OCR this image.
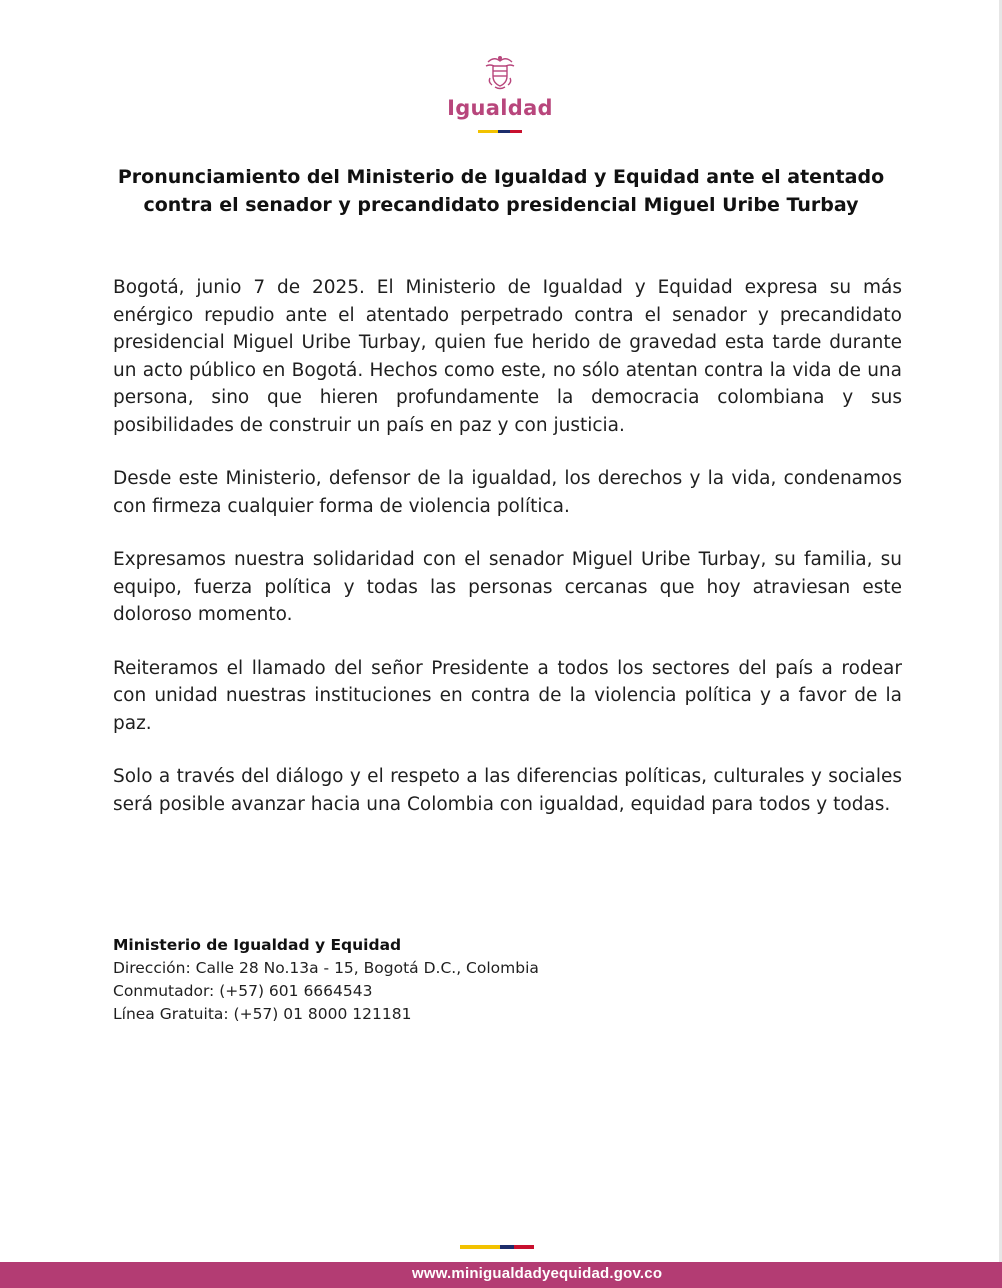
Igualdad
Pronunciamiento del Ministerio de Igualdad y Equidad ante el atentado
contra el senador y precandidato presidencial Miguel Uribe Turbay

Bogotá, junio 7 de 2025. El Ministerio de Igualdad y Equidad expresa su más enérgico repudio ante el atentado perpetrado contra el senador y precandidato presidencial Miguel Uribe Turbay, quien fue herido de gravedad esta tarde durante un acto público en Bogotá. Hechos como este, no sólo atentan contra la vida de una persona, sino que hieren profundamente la democracia colombiana y sus posibilidades de construir un país en paz y con justicia.

Desde este Ministerio, defensor de la igualdad, los derechos y la vida, condenamos con firmeza cualquier forma de violencia política.

Expresamos nuestra solidaridad con el senador Miguel Uribe Turbay, su familia, su equipo, fuerza política y todas las personas cercanas que hoy atraviesan este doloroso momento.

Reiteramos el llamado del señor Presidente a todos los sectores del país a rodear con unidad nuestras instituciones en contra de la violencia política y a favor de la paz.

Solo a través del diálogo y el respeto a las diferencias políticas, culturales y sociales será posible avanzar hacia una Colombia con igualdad, equidad para todos y todas.

Ministerio de Igualdad y Equidad
Dirección: Calle 28 No.13a - 15, Bogotá D.C., Colombia
Conmutador: (+57) 601 6664543
Línea Gratuita: (+57) 01 8000 121181
www.minigualdadyequidad.gov.co
